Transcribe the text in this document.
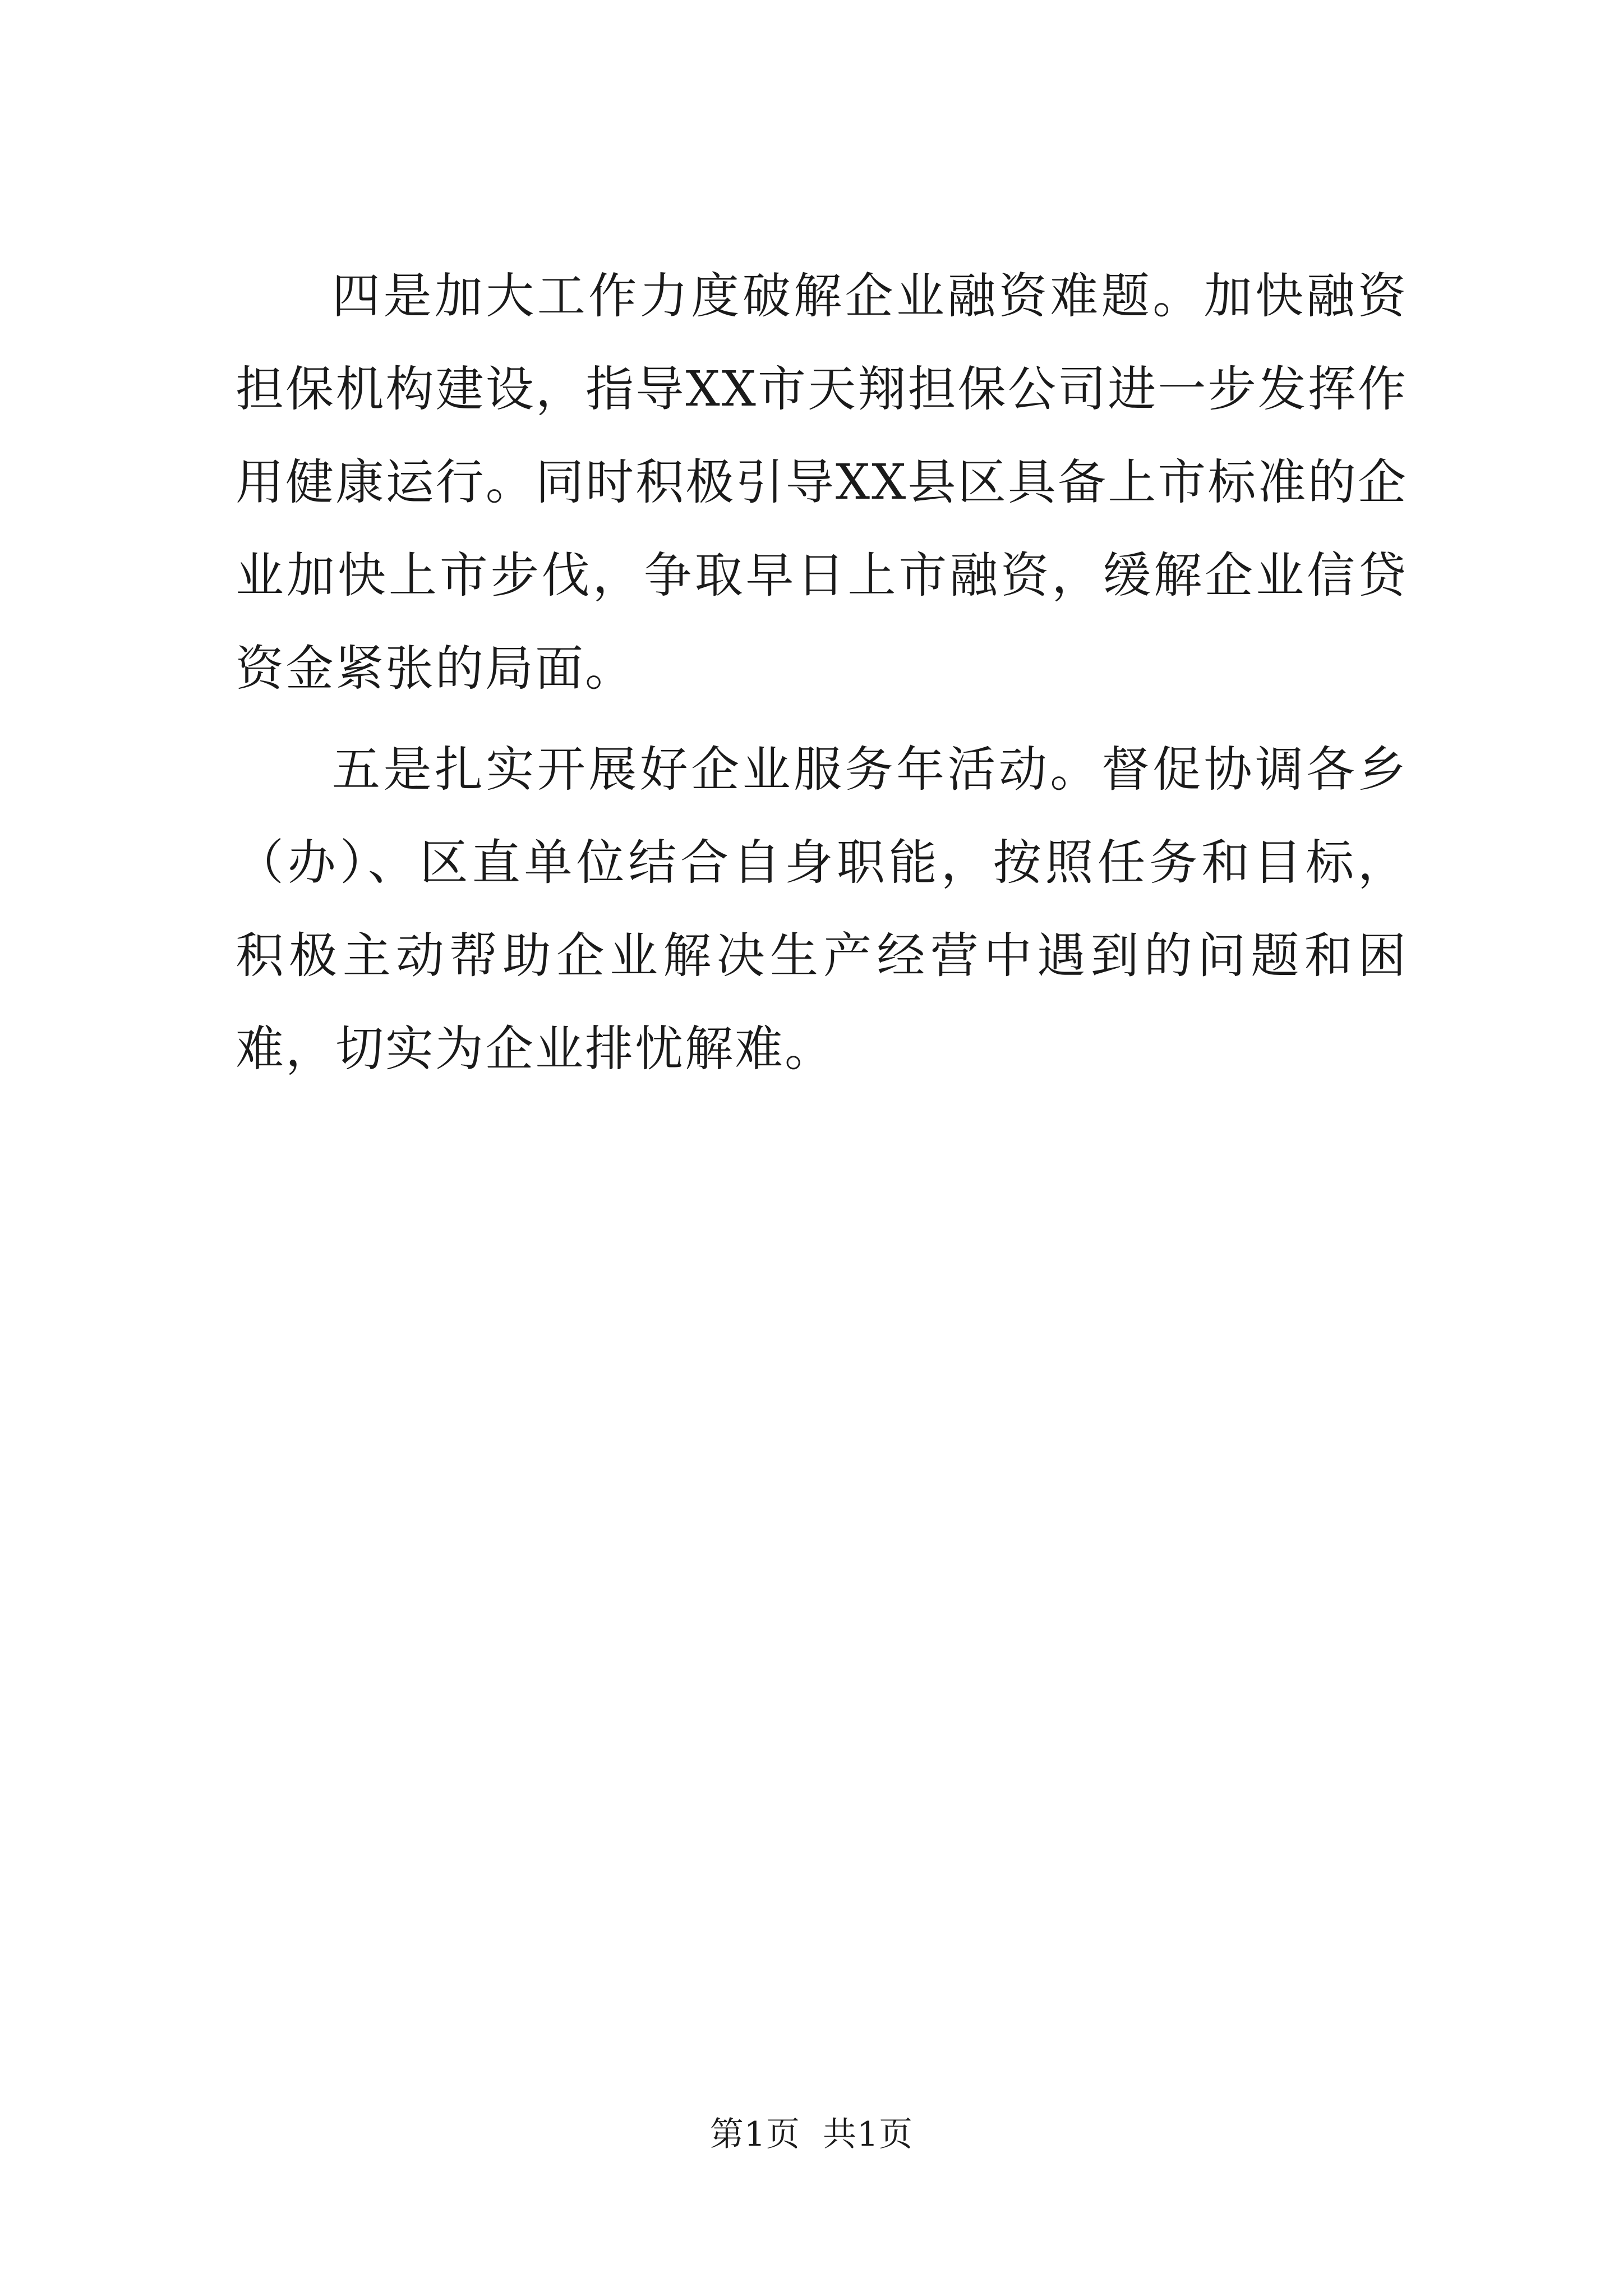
四是加大工作力度破解企业融资难题。加快融资担保机构建设，指导XX市天翔担保公司进一步发挥作用健康运行。同时积极引导XX县区具备上市标准的企业加快上市步伐，争取早日上市融资，缓解企业信贷资金紧张的局面。

五是扎实开展好企业服务年活动。督促协调各乡（办）、区直单位结合自身职能，按照任务和目标，积极主动帮助企业解决生产经营中遇到的问题和困难，切实为企业排忧解难。

第1页 共1页
